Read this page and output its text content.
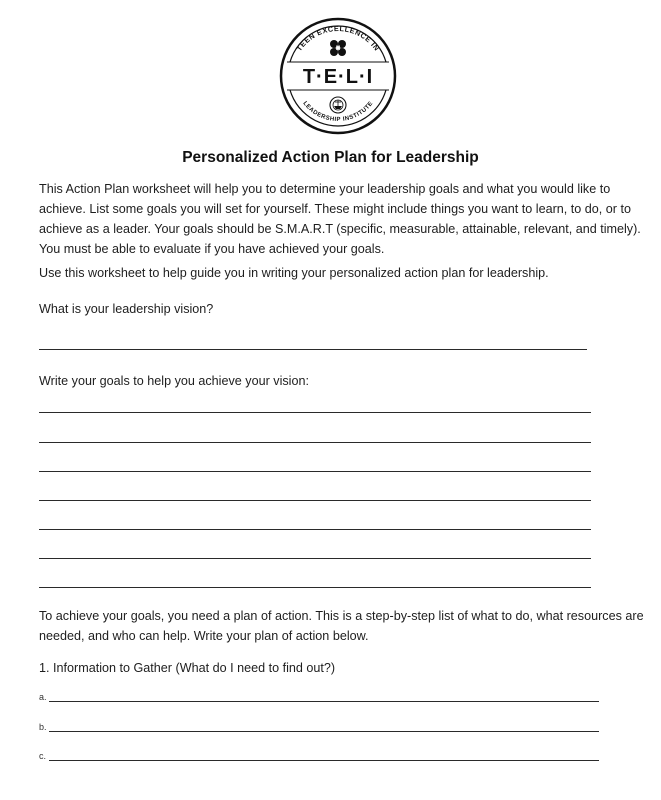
TEEN EXCELLENCE IN
LEADERSHIP INSTITUTE
H
T·E·L·I
Personalized Action Plan for Leadership
This Action Plan worksheet will help you to determine your leadership goals and what you would like to achieve. List some goals you will set for yourself. These might include things you want to learn, to do, or to achieve as a leader. Your goals should be S.M.A.R.T (specific, measurable, attainable, relevant, and timely). You must be able to evaluate if you have achieved your goals.
Use this worksheet to help guide you in writing your personalized action plan for leadership.
What is your leadership vision?
Write your goals to help you achieve your vision:
To achieve your goals, you need a plan of action. This is a step-by-step list of what to do, what resources are needed, and who can help. Write your plan of action below.
1. Information to Gather (What do I need to find out?)
a.
b.
c.
